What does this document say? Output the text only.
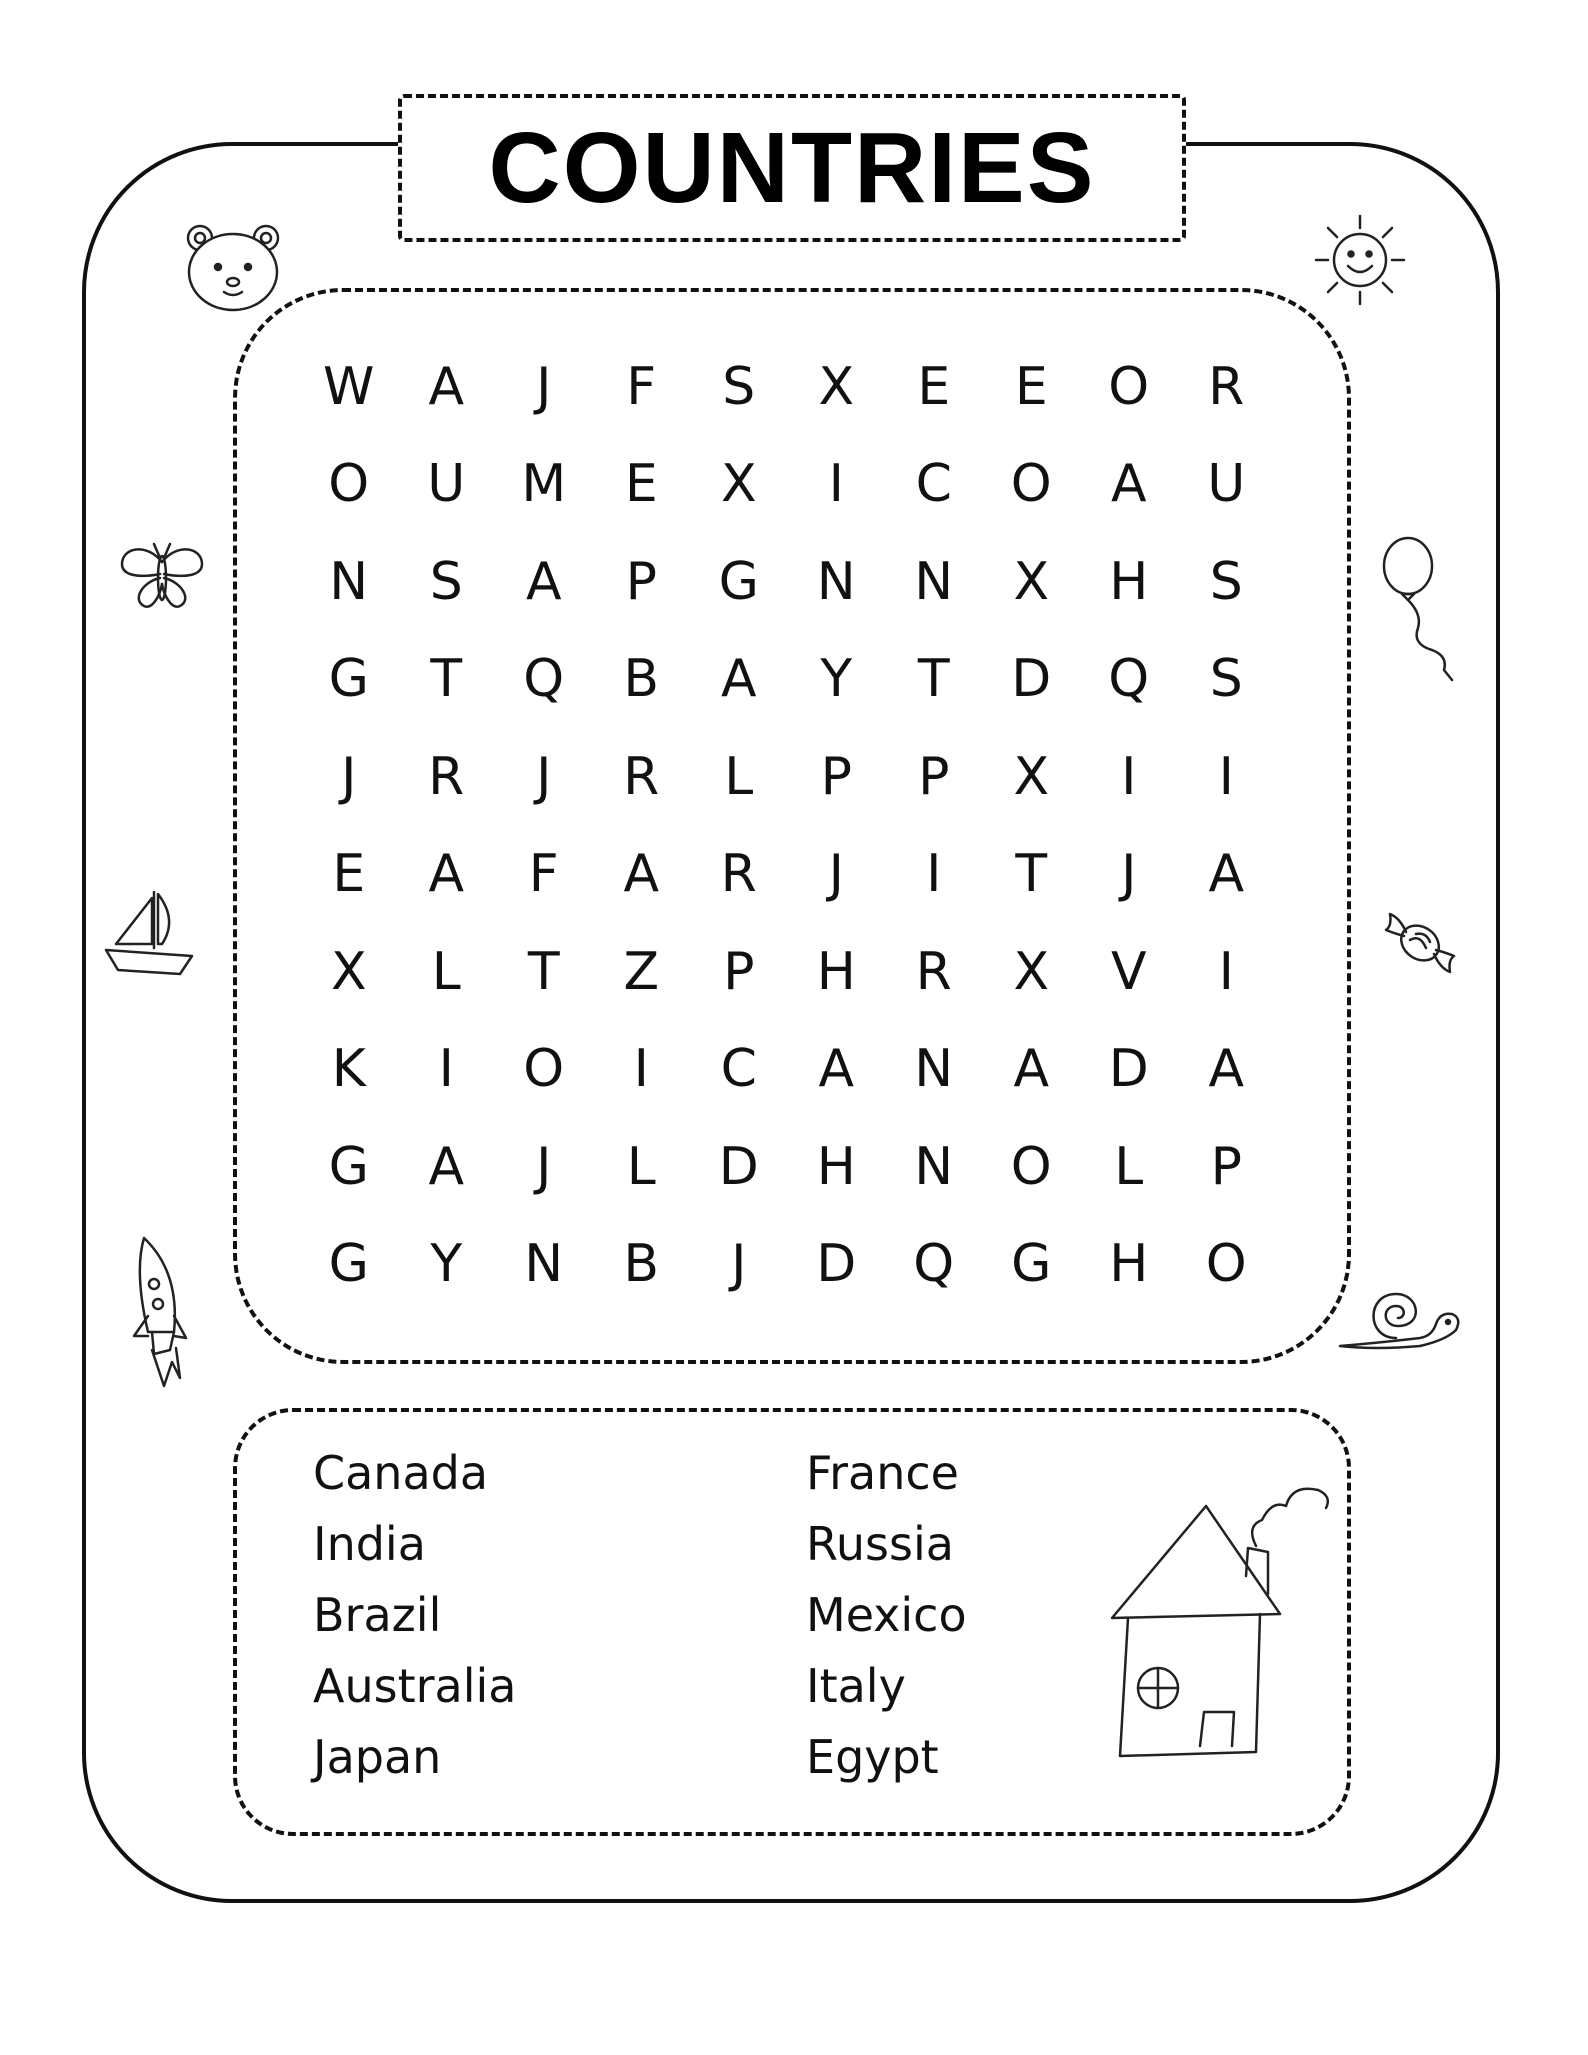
COUNTRIES
W	A	J	F	S	X	E	E	O	R
O	U	M	E	X	I	C	O	A	U
N	S	A	P	G	N	N	X	H	S
G	T	Q	B	A	Y	T	D	Q	S
J	R	J	R	L	P	P	X	I	I
E	A	F	A	R	J	I	T	J	A
X	L	T	Z	P	H	R	X	V	I
K	I	O	I	C	A	N	A	D	A
G	A	J	L	D	H	N	O	L	P
G	Y	N	B	J	D	Q	G	H	O
Canada
India
Brazil
Australia
Japan
France
Russia
Mexico
Italy
Egypt
